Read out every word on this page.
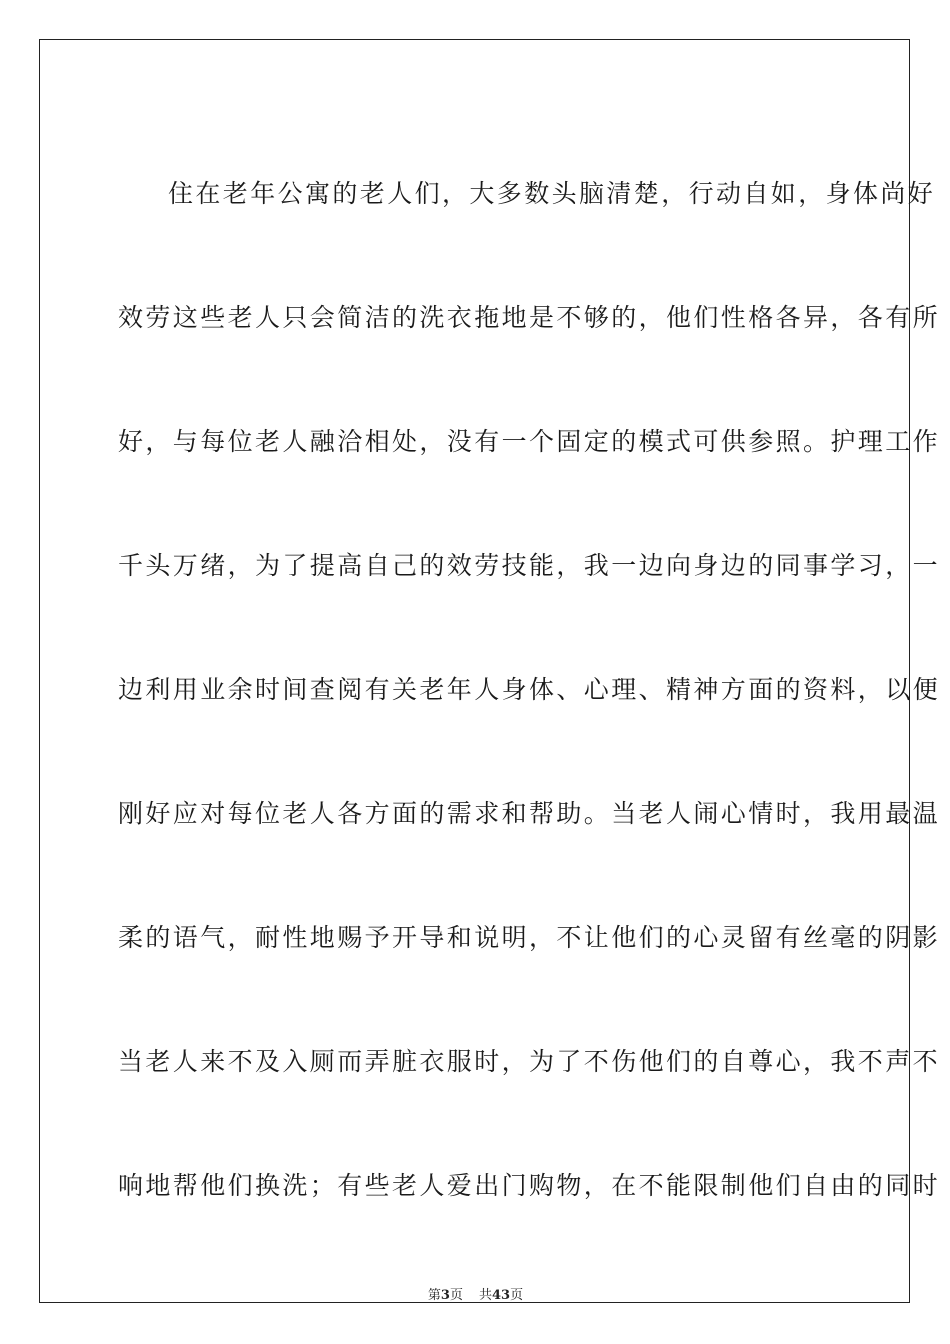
住在老年公寓的老人们，大多数头脑清楚，行动自如，身体尚好
效劳这些老人只会简洁的洗衣拖地是不够的，他们性格各异，各有所
好，与每位老人融洽相处，没有一个固定的模式可供参照。护理工作
千头万绪，为了提高自己的效劳技能，我一边向身边的同事学习，一
边利用业余时间查阅有关老年人身体、心理、精神方面的资料，以便
刚好应对每位老人各方面的需求和帮助。当老人闹心情时，我用最温
柔的语气，耐性地赐予开导和说明，不让他们的心灵留有丝毫的阴影
当老人来不及入厕而弄脏衣服时，为了不伤他们的自尊心，我不声不
响地帮他们换洗；有些老人爱出门购物，在不能限制他们自由的同时
第3页 共43页
